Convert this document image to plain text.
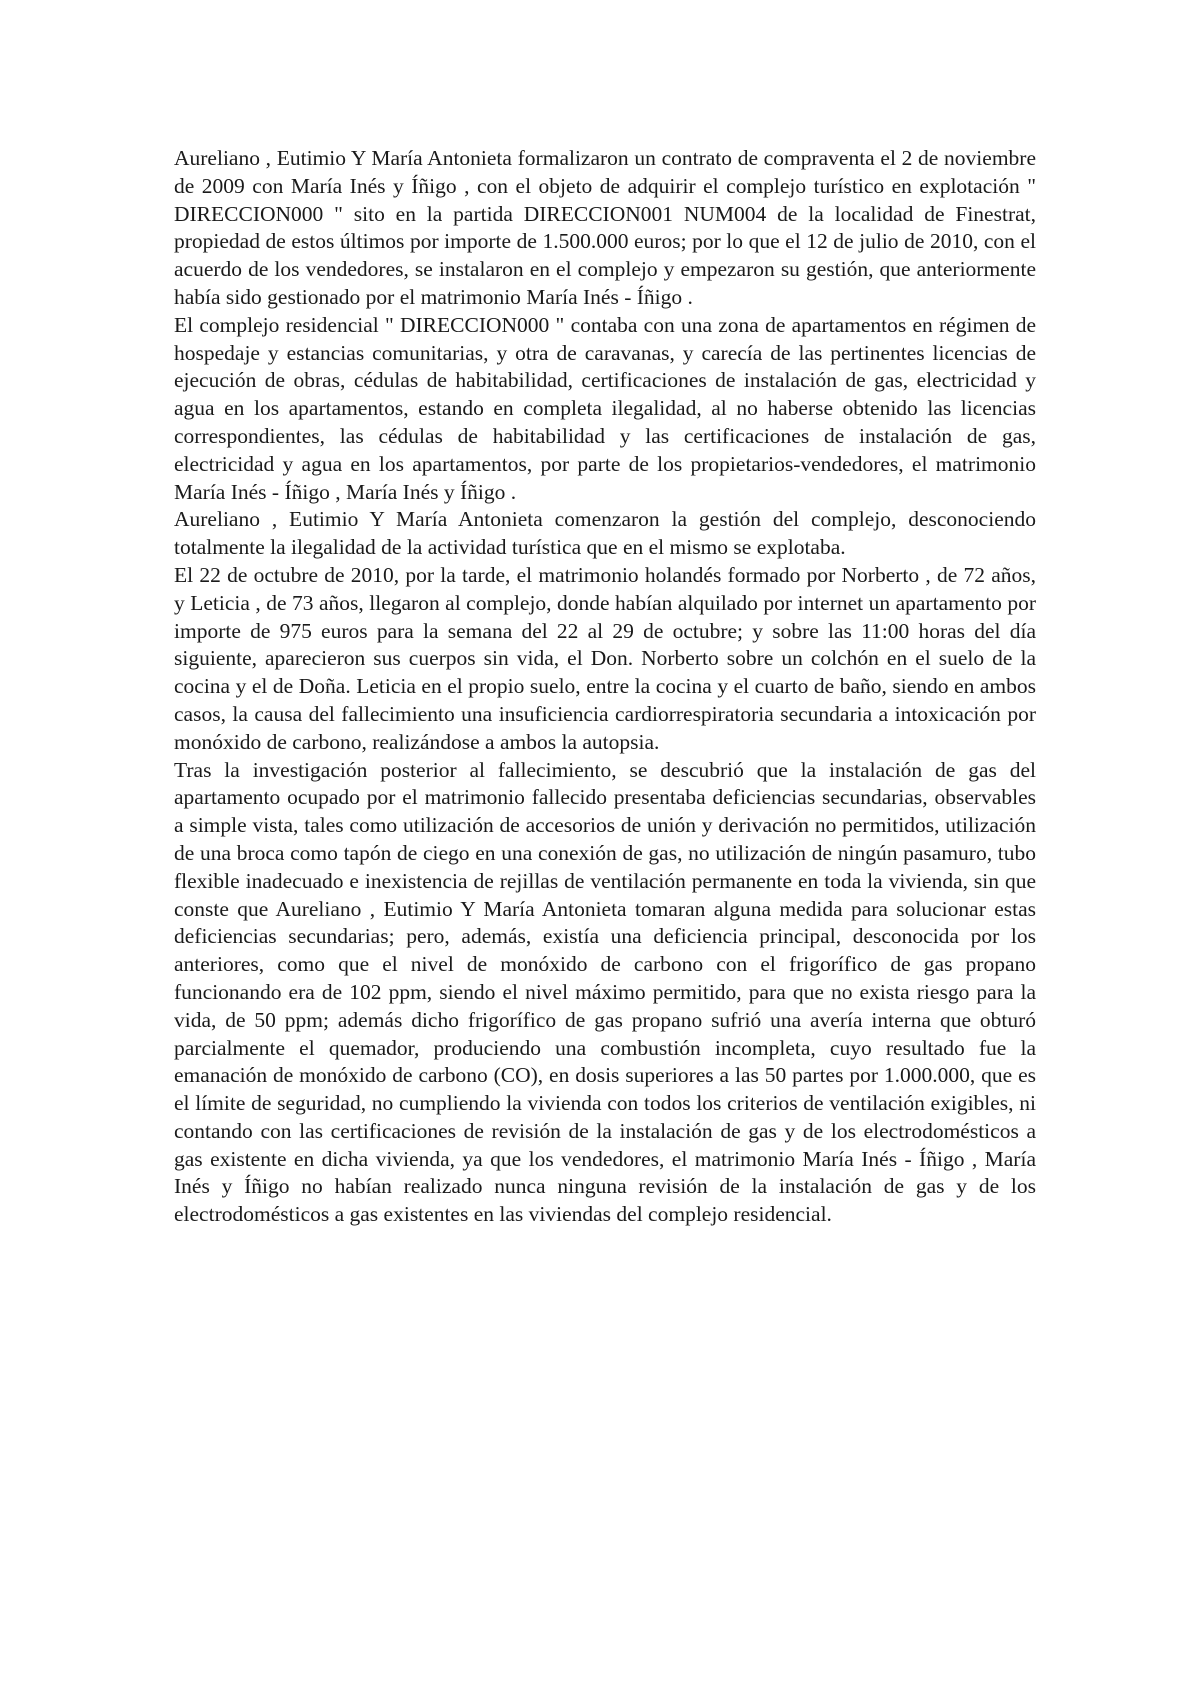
Aureliano , Eutimio Y María Antonieta formalizaron un contrato de compraventa el 2 de noviembre de 2009 con María Inés y Íñigo , con el objeto de adquirir el complejo turístico en explotación " DIRECCION000 " sito en la partida DIRECCION001 NUM004 de la localidad de Finestrat, propiedad de estos últimos por importe de 1.500.000 euros; por lo que el 12 de julio de 2010, con el acuerdo de los vendedores, se instalaron en el complejo y empezaron su gestión, que anteriormente había sido gestionado por el matrimonio María Inés - Íñigo .

El complejo residencial " DIRECCION000 " contaba con una zona de apartamentos en régimen de hospedaje y estancias comunitarias, y otra de caravanas, y carecía de las pertinentes licencias de ejecución de obras, cédulas de habitabilidad, certificaciones de instalación de gas, electricidad y agua en los apartamentos, estando en completa ilegalidad, al no haberse obtenido las licencias correspondientes, las cédulas de habitabilidad y las certificaciones de instalación de gas, electricidad y agua en los apartamentos, por parte de los propietarios-vendedores, el matrimonio María Inés - Íñigo , María Inés y Íñigo .

Aureliano , Eutimio Y María Antonieta comenzaron la gestión del complejo, desconociendo totalmente la ilegalidad de la actividad turística que en el mismo se explotaba.

El 22 de octubre de 2010, por la tarde, el matrimonio holandés formado por Norberto , de 72 años, y Leticia , de 73 años, llegaron al complejo, donde habían alquilado por internet un apartamento por importe de 975 euros para la semana del 22 al 29 de octubre; y sobre las 11:00 horas del día siguiente, aparecieron sus cuerpos sin vida, el Don. Norberto sobre un colchón en el suelo de la cocina y el de Doña. Leticia en el propio suelo, entre la cocina y el cuarto de baño, siendo en ambos casos, la causa del fallecimiento una insuficiencia cardiorrespiratoria secundaria a intoxicación por monóxido de carbono, realizándose a ambos la autopsia.

Tras la investigación posterior al fallecimiento, se descubrió que la instalación de gas del apartamento ocupado por el matrimonio fallecido presentaba deficiencias secundarias, observables a simple vista, tales como utilización de accesorios de unión y derivación no permitidos, utilización de una broca como tapón de ciego en una conexión de gas, no utilización de ningún pasamuro, tubo flexible inadecuado e inexistencia de rejillas de ventilación permanente en toda la vivienda, sin que conste que Aureliano , Eutimio Y María Antonieta tomaran alguna medida para solucionar estas deficiencias secundarias; pero, además, existía una deficiencia principal, desconocida por los anteriores, como que el nivel de monóxido de carbono con el frigorífico de gas propano funcionando era de 102 ppm, siendo el nivel máximo permitido, para que no exista riesgo para la vida, de 50 ppm; además dicho frigorífico de gas propano sufrió una avería interna que obturó parcialmente el quemador, produciendo una combustión incompleta, cuyo resultado fue la emanación de monóxido de carbono (CO), en dosis superiores a las 50 partes por 1.000.000, que es el límite de seguridad, no cumpliendo la vivienda con todos los criterios de ventilación exigibles, ni contando con las certificaciones de revisión de la instalación de gas y de los electrodomésticos a gas existente en dicha vivienda, ya que los vendedores, el matrimonio María Inés - Íñigo , María Inés y Íñigo no habían realizado nunca ninguna revisión de la instalación de gas y de los electrodomésticos a gas existentes en las viviendas del complejo residencial.
